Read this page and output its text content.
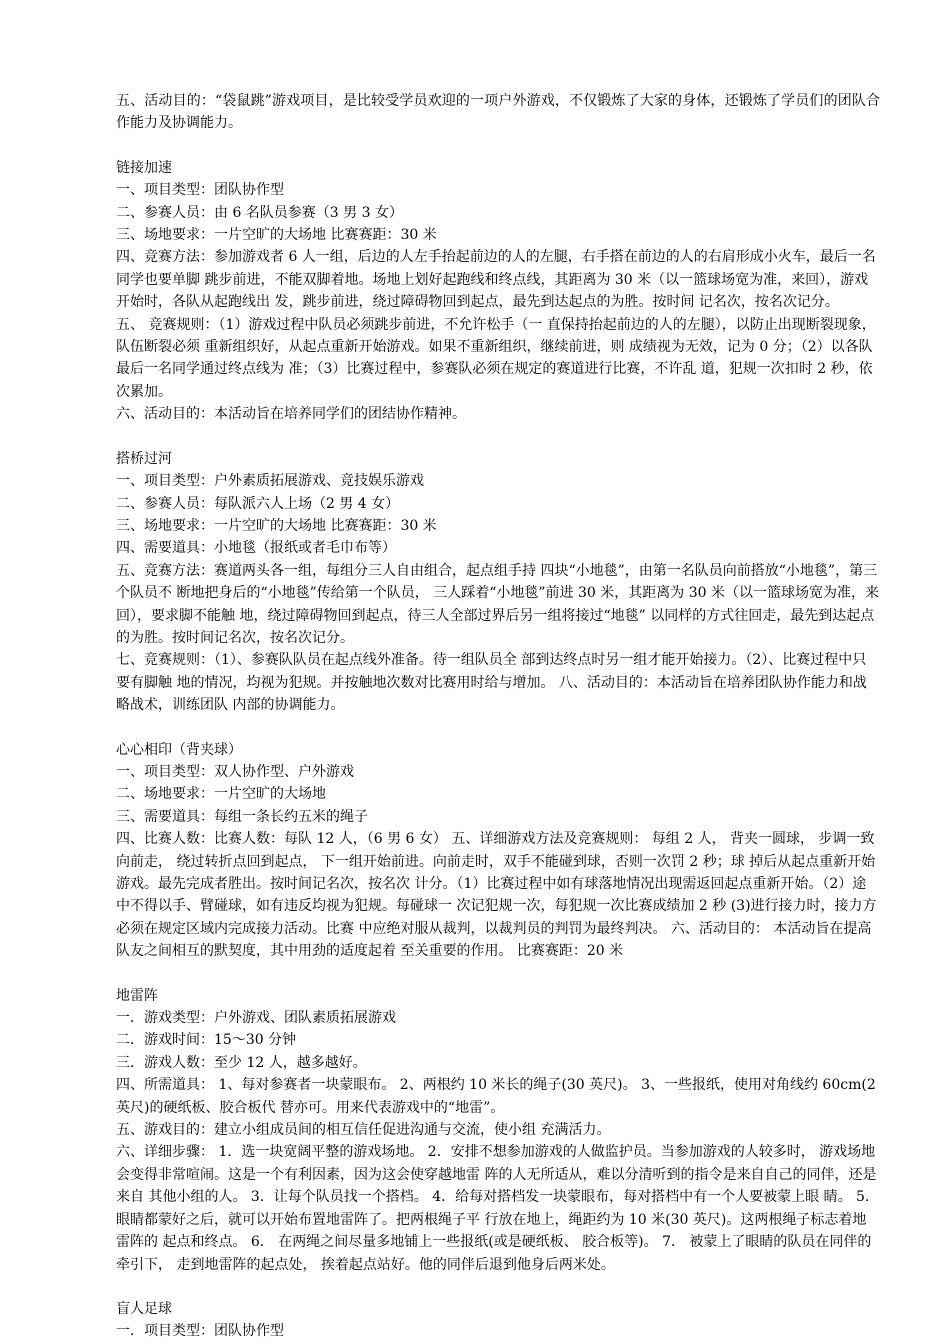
五、活动目的：“袋鼠跳”游戏项目，是比较受学员欢迎的一项户外游戏，不仅锻炼了大家的身体，还锻炼了学员们的团队合作能力及协调能力。

链接加速

一、项目类型：团队协作型

二、参赛人员：由 6 名队员参赛（3 男 3 女）

三、场地要求：一片空旷的大场地 比赛赛距：30 米

四、竞赛方法：参加游戏者 6 人一组，后边的人左手抬起前边的人的左腿，右手搭在前边的人的右肩形成小火车，最后一名同学也要单脚 跳步前进，不能双脚着地。场地上划好起跑线和终点线，其距离为 30 米（以一篮球场宽为准，来回），游戏开始时，各队从起跑线出 发，跳步前进，绕过障碍物回到起点，最先到达起点的为胜。按时间 记名次，按名次记分。

五、 竞赛规则：（1）游戏过程中队员必须跳步前进，不允许松手（一 直保持抬起前边的人的左腿），以防止出现断裂现象，队伍断裂必须 重新组织好，从起点重新开始游戏。如果不重新组织，继续前进，则 成绩视为无效，记为 0 分；（2）以各队最后一名同学通过终点线为 准；（3）比赛过程中，参赛队必须在规定的赛道进行比赛，不许乱 道，犯规一次扣时 2 秒，依次累加。

六、活动目的：本活动旨在培养同学们的团结协作精神。

搭桥过河

一、项目类型：户外素质拓展游戏、竞技娱乐游戏

二、参赛人员：每队派六人上场（2 男 4 女）

三、场地要求：一片空旷的大场地 比赛赛距：30 米

四、需要道具：小地毯（报纸或者毛巾布等）

五、竞赛方法：赛道两头各一组，每组分三人自由组合，起点组手持 四块“小地毯”，由第一名队员向前搭放“小地毯”，第三个队员不 断地把身后的“小地毯”传给第一个队员， 三人踩着“小地毯”前进 30 米，其距离为 30 米（以一篮球场宽为准，来回），要求脚不能触 地，绕过障碍物回到起点，待三人全部过界后另一组将接过“地毯” 以同样的方式往回走，最先到达起点的为胜。按时间记名次，按名次记分。

七、竞赛规则：（1）、参赛队队员在起点线外准备。待一组队员全 部到达终点时另一组才能开始接力。（2）、比赛过程中只要有脚触 地的情况，均视为犯规。并按触地次数对比赛用时给与增加。 八、活动目的：本活动旨在培养团队协作能力和战略战术，训练团队 内部的协调能力。

心心相印（背夹球）

一、项目类型：双人协作型、户外游戏

二、场地要求：一片空旷的大场地

三、需要道具：每组一条长约五米的绳子

四、比赛人数：比赛人数：每队 12 人，（6 男 6 女） 五、详细游戏方法及竞赛规则： 每组 2 人， 背夹一圆球， 步调一致向前走， 绕过转折点回到起点， 下一组开始前进。向前走时，双手不能碰到球，否则一次罚 2 秒；球 掉后从起点重新开始游戏。最先完成者胜出。按时间记名次，按名次 计分。（1）比赛过程中如有球落地情况出现需返回起点重新开始。（2）途中不得以手、臂碰球，如有违反均视为犯规。每碰球一 次记犯规一次，每犯规一次比赛成绩加 2 秒 (3)进行接力时，接力方必须在规定区域内完成接力活动。比赛 中应绝对服从裁判，以裁判员的判罚为最终判决。 六、活动目的： 本活动旨在提高队友之间相互的默契度，其中用劲的适度起着 至关重要的作用。 比赛赛距：20 米

地雷阵

一．游戏类型：户外游戏、团队素质拓展游戏

二．游戏时间：15～30 分钟

三．游戏人数：至少 12 人，越多越好。

四、所需道具： 1、每对参赛者一块蒙眼布。 2、两根约 10 米长的绳子(30 英尺)。 3、一些报纸，使用对角线约 60cm(2 英尺)的硬纸板、胶合板代 替亦可。用来代表游戏中的“地雷”。

五、游戏目的：建立小组成员间的相互信任促进沟通与交流，使小组 充满活力。

六、详细步骤： 1．选一块宽阔平整的游戏场地。 2．安排不想参加游戏的人做监护员。当参加游戏的人较多时， 游戏场地会变得非常喧闹。这是一个有利因素，因为这会使穿越地雷 阵的人无所适从，难以分清听到的指令是来自自己的同伴，还是来自 其他小组的人。 3．让每个队员找一个搭档。 4．给每对搭档发一块蒙眼布，每对搭档中有一个人要被蒙上眼 睛。 5．眼睛都蒙好之后，就可以开始布置地雷阵了。把两根绳子平 行放在地上，绳距约为 10 米(30 英尺)。这两根绳子标志着地雷阵的 起点和终点。 6． 在两绳之间尽量多地铺上一些报纸(或是硬纸板、 胶合板等)。 7． 被蒙上了眼睛的队员在同伴的牵引下， 走到地雷阵的起点处， 挨着起点站好。他的同伴后退到他身后两米处。

盲人足球

一．项目类型：团队协作型
